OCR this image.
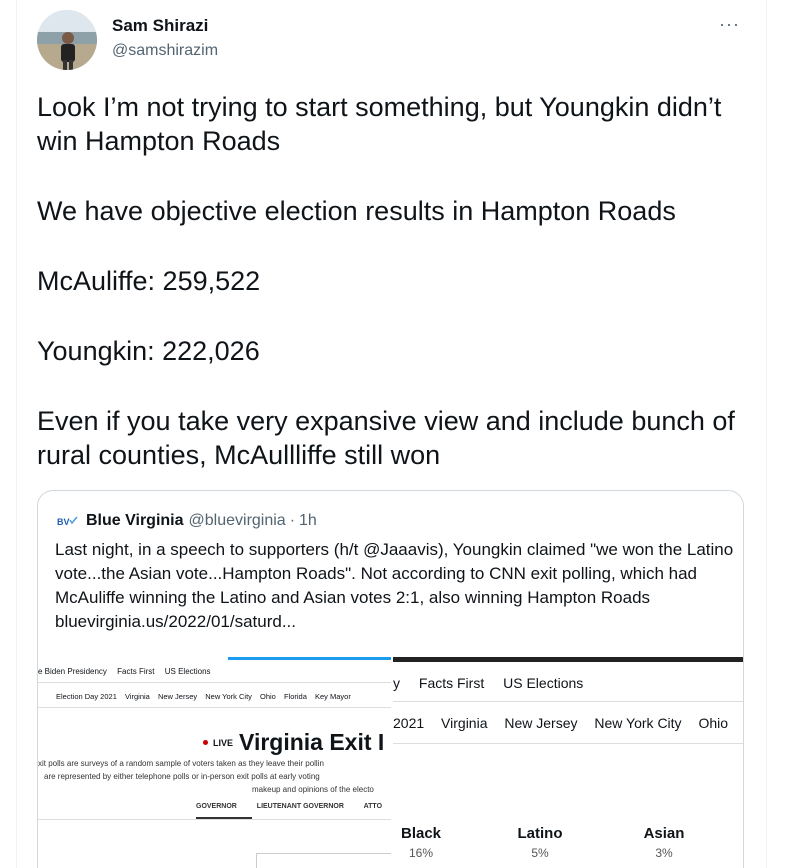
Sam Shirazi
@samshirazim
···

Look I’m not trying to start something, but Youngkin didn’t win Hampton Roads

We have objective election results in Hampton Roads

McAuliffe: 259,522

Youngkin: 222,026

Even if you take very expansive view and include bunch of rural counties, McAullliffe still won

BV Blue Virginia @bluevirginia · 1h
Last night, in a speech to supporters (h/t @Jaaavis), Youngkin claimed "we won the Latino vote...the Asian vote...Hampton Roads". Not according to CNN exit polling, which had McAuliffe winning the Latino and Asian votes 2:1, also winning Hampton Roads bluevirginia.us/2022/01/saturd...
e Biden Presidency Facts First US Elections
Election Day 2021 Virginia New Jersey New York City Ohio Florida Key Mayor
LIVE Virginia Exit I
xit polls are surveys of a random sample of voters taken as they leave their pollin
are represented by either telephone polls or in-person exit polls at early voting
makeup and opinions of the electo
GOVERNOR	LIEUTENANT GOVERNOR	ATTO
y Facts First US Elections
2021 Virginia New Jersey New York City Ohio
Black
16%
Latino
5%
Asian
3%
